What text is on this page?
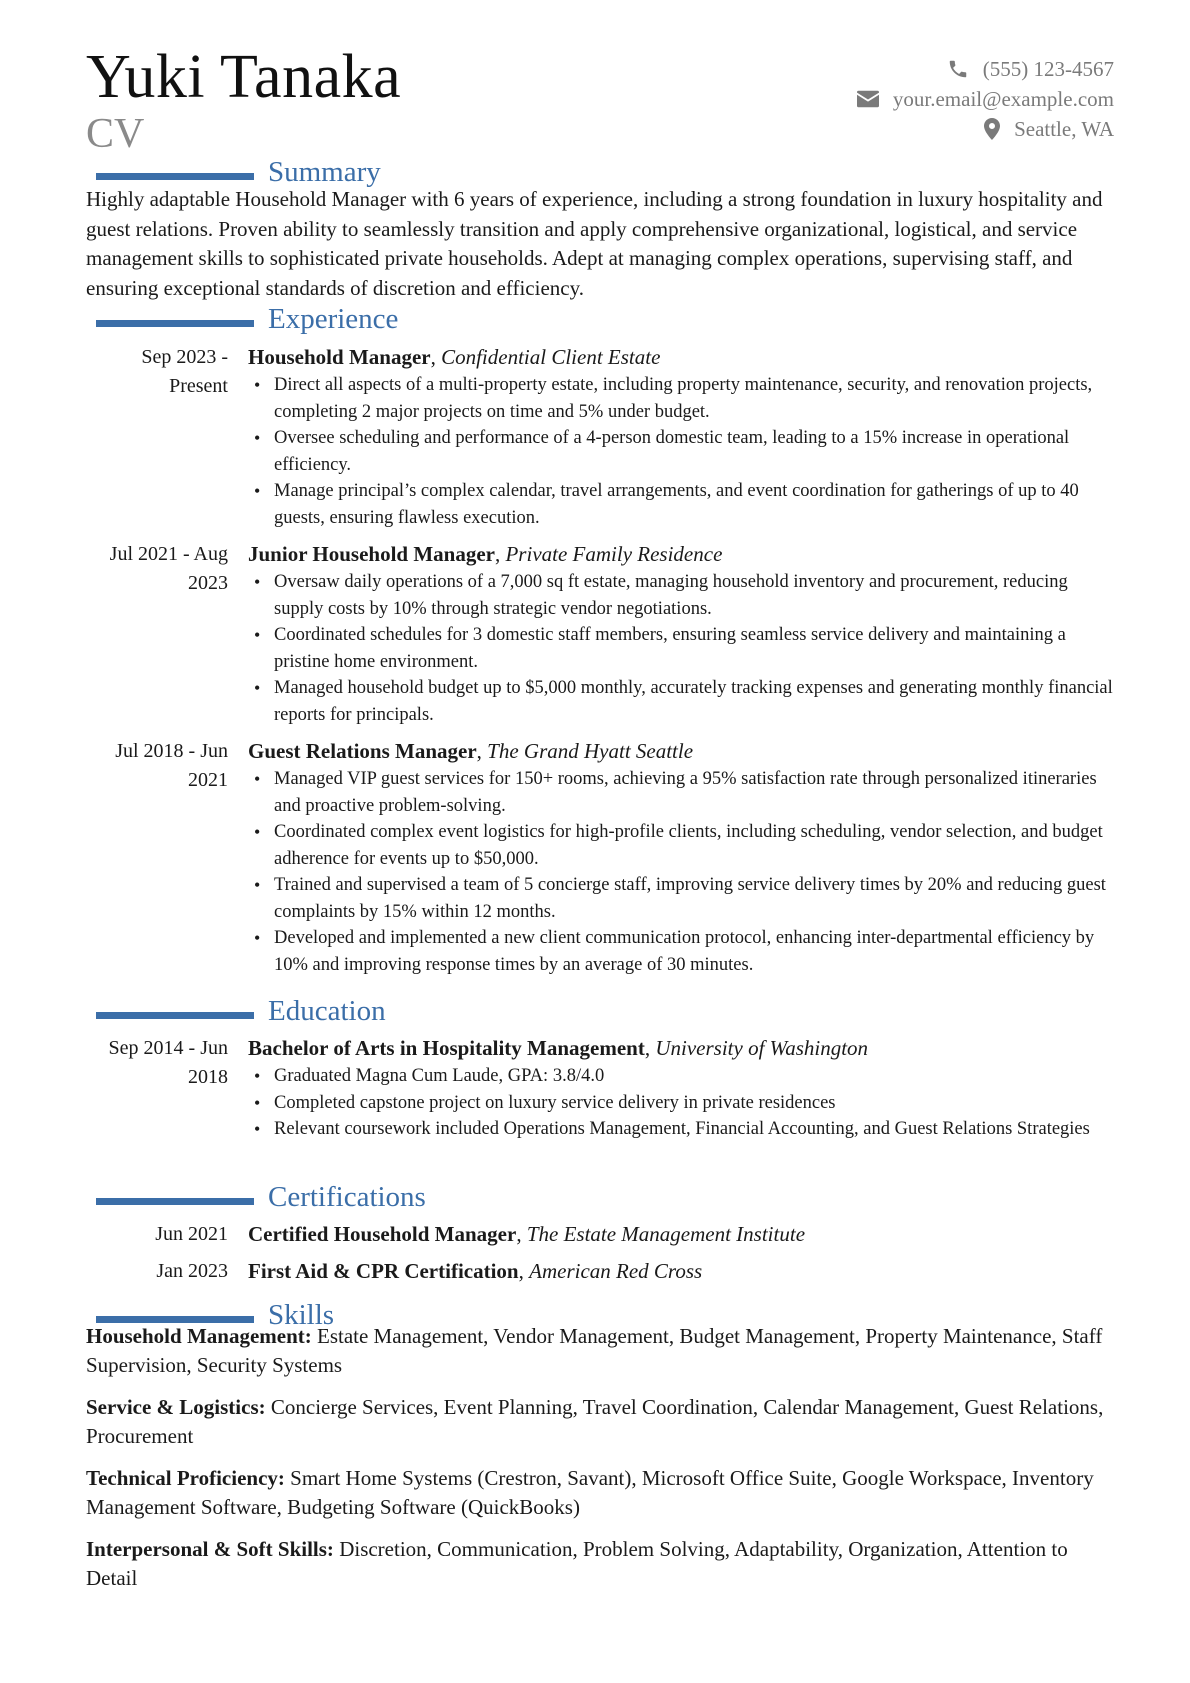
Yuki Tanaka
CV
(555) 123-4567
your.email@example.com
Seattle, WA
Summary
Highly adaptable Household Manager with 6 years of experience, including a strong foundation in luxury hospitality and guest relations. Proven ability to seamlessly transition and apply comprehensive organizational, logistical, and service management skills to sophisticated private households. Adept at managing complex operations, supervising staff, and ensuring exceptional standards of discretion and efficiency.
Experience
Sep 2023 - Present
Household Manager, Confidential Client Estate
• Direct all aspects of a multi-property estate, including property maintenance, security, and renovation projects, completing 2 major projects on time and 5% under budget.
• Oversee scheduling and performance of a 4-person domestic team, leading to a 15% increase in operational efficiency.
• Manage principal’s complex calendar, travel arrangements, and event coordination for gatherings of up to 40 guests, ensuring flawless execution.
Jul 2021 - Aug 2023
Junior Household Manager, Private Family Residence
• Oversaw daily operations of a 7,000 sq ft estate, managing household inventory and procurement, reducing supply costs by 10% through strategic vendor negotiations.
• Coordinated schedules for 3 domestic staff members, ensuring seamless service delivery and maintaining a pristine home environment.
• Managed household budget up to $5,000 monthly, accurately tracking expenses and generating monthly financial reports for principals.
Jul 2018 - Jun 2021
Guest Relations Manager, The Grand Hyatt Seattle
• Managed VIP guest services for 150+ rooms, achieving a 95% satisfaction rate through personalized itineraries and proactive problem-solving.
• Coordinated complex event logistics for high-profile clients, including scheduling, vendor selection, and budget adherence for events up to $50,000.
• Trained and supervised a team of 5 concierge staff, improving service delivery times by 20% and reducing guest complaints by 15% within 12 months.
• Developed and implemented a new client communication protocol, enhancing inter-departmental efficiency by 10% and improving response times by an average of 30 minutes.
Education
Sep 2014 - Jun 2018
Bachelor of Arts in Hospitality Management, University of Washington
• Graduated Magna Cum Laude, GPA: 3.8/4.0
• Completed capstone project on luxury service delivery in private residences
• Relevant coursework included Operations Management, Financial Accounting, and Guest Relations Strategies
Certifications
Jun 2021 Certified Household Manager, The Estate Management Institute
Jan 2023 First Aid & CPR Certification, American Red Cross
Skills
Household Management: Estate Management, Vendor Management, Budget Management, Property Maintenance, Staff Supervision, Security Systems
Service & Logistics: Concierge Services, Event Planning, Travel Coordination, Calendar Management, Guest Relations, Procurement
Technical Proficiency: Smart Home Systems (Crestron, Savant), Microsoft Office Suite, Google Workspace, Inventory Management Software, Budgeting Software (QuickBooks)
Interpersonal & Soft Skills: Discretion, Communication, Problem Solving, Adaptability, Organization, Attention to Detail
